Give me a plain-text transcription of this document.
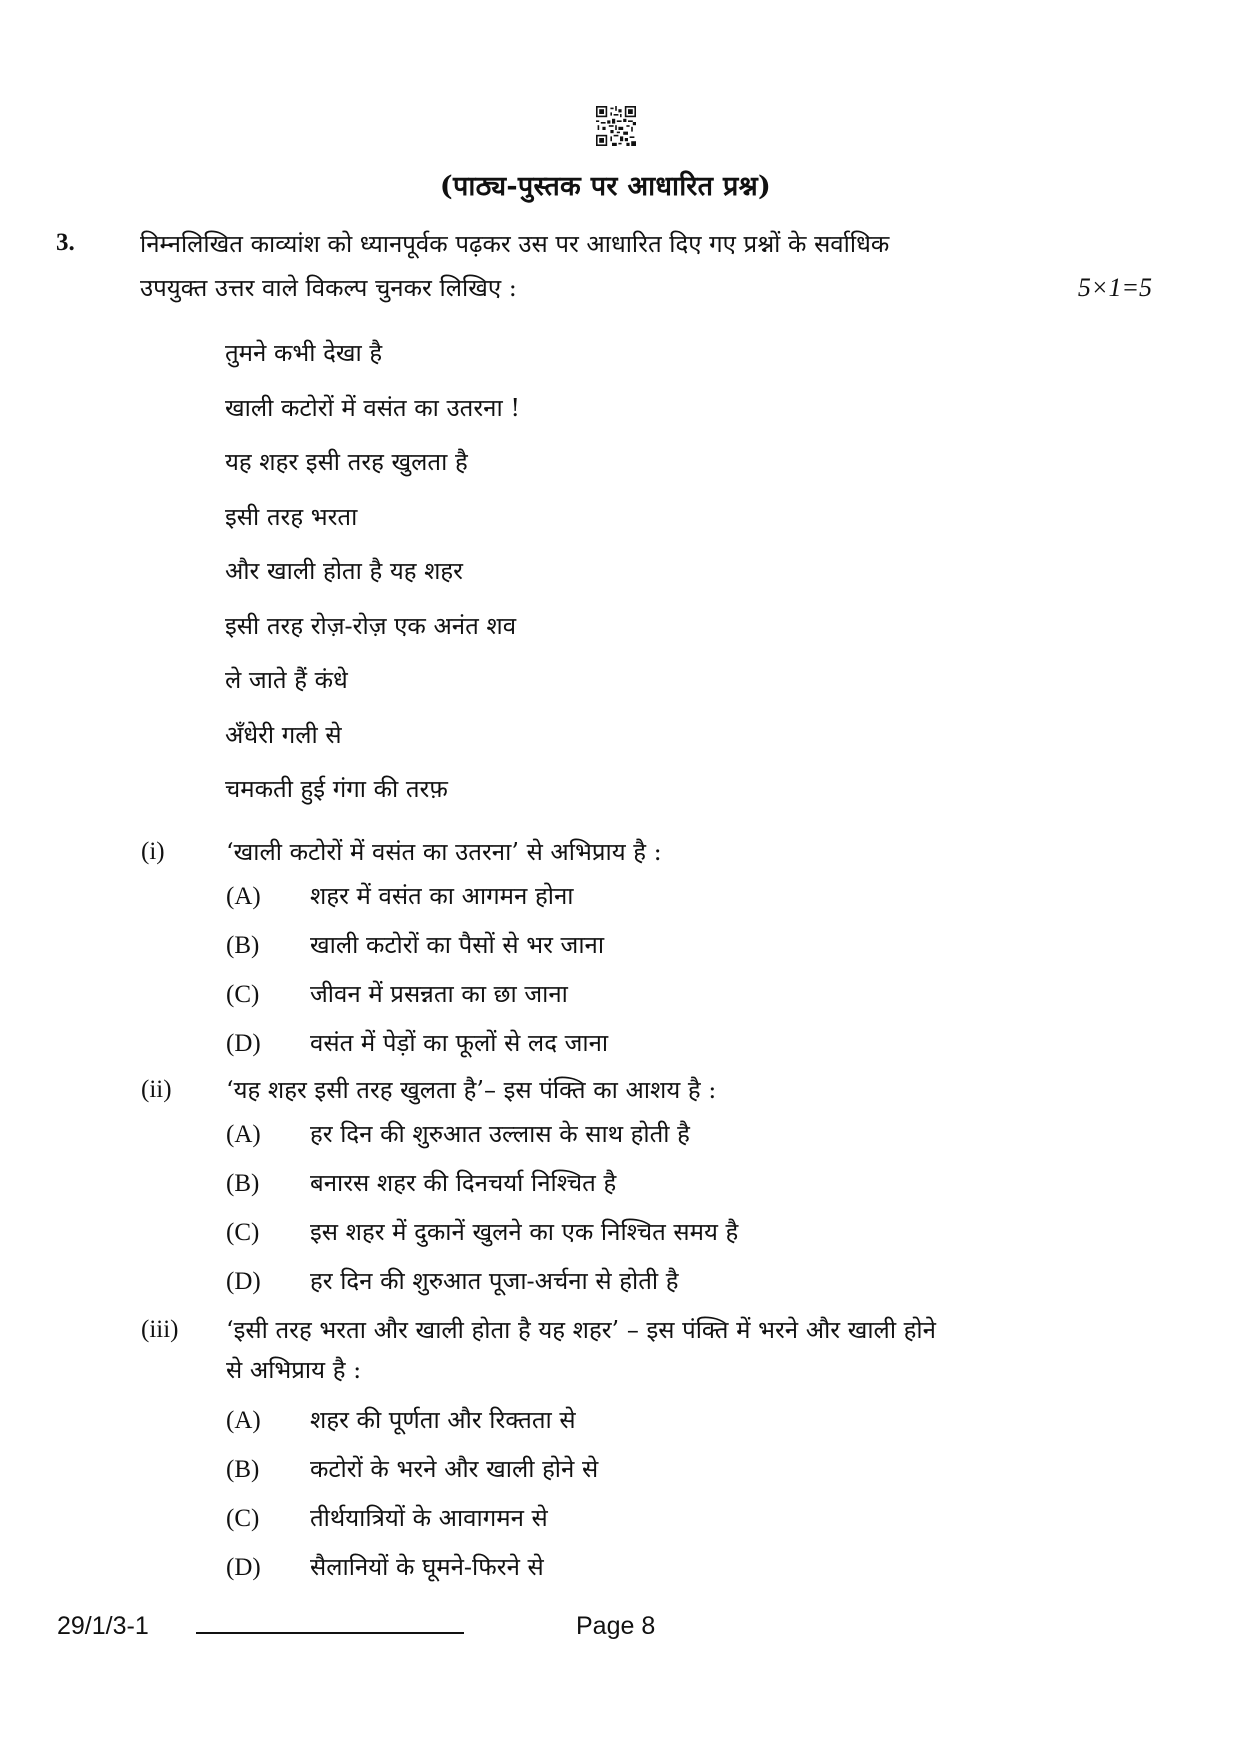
(पाठ्य-पुस्तक पर आधारित प्रश्न)
3.	निम्नलिखित काव्यांश को ध्यानपूर्वक पढ़कर उस पर आधारित दिए गए प्रश्नों के सर्वाधिक
उपयुक्त उत्तर वाले विकल्प चुनकर लिखिए :	5×1=5
तुमने कभी देखा है
खाली कटोरों में वसंत का उतरना !
यह शहर इसी तरह खुलता है
इसी तरह भरता
और खाली होता है यह शहर
इसी तरह रोज़-रोज़ एक अनंत शव
ले जाते हैं कंधे
अँधेरी गली से
चमकती हुई गंगा की तरफ़
(i)	‘खाली कटोरों में वसंत का उतरना’ से अभिप्राय है :
(A) शहर में वसंत का आगमन होना
(B) खाली कटोरों का पैसों से भर जाना
(C) जीवन में प्रसन्नता का छा जाना
(D) वसंत में पेड़ों का फूलों से लद जाना
(ii) ‘यह शहर इसी तरह खुलता है’– इस पंक्ति का आशय है :
(A) हर दिन की शुरुआत उल्लास के साथ होती है
(B) बनारस शहर की दिनचर्या निश्चित है
(C) इस शहर में दुकानें खुलने का एक निश्चित समय है
(D) हर दिन की शुरुआत पूजा-अर्चना से होती है
(iii) ‘इसी तरह भरता और खाली होता है यह शहर’ – इस पंक्ति में भरने और खाली होने
से अभिप्राय है :
(A) शहर की पूर्णता और रिक्तता से
(B) कटोरों के भरने और खाली होने से
(C) तीर्थयात्रियों के आवागमन से
(D) सैलानियों के घूमने-फिरने से
29/1/3-1	Page 8
